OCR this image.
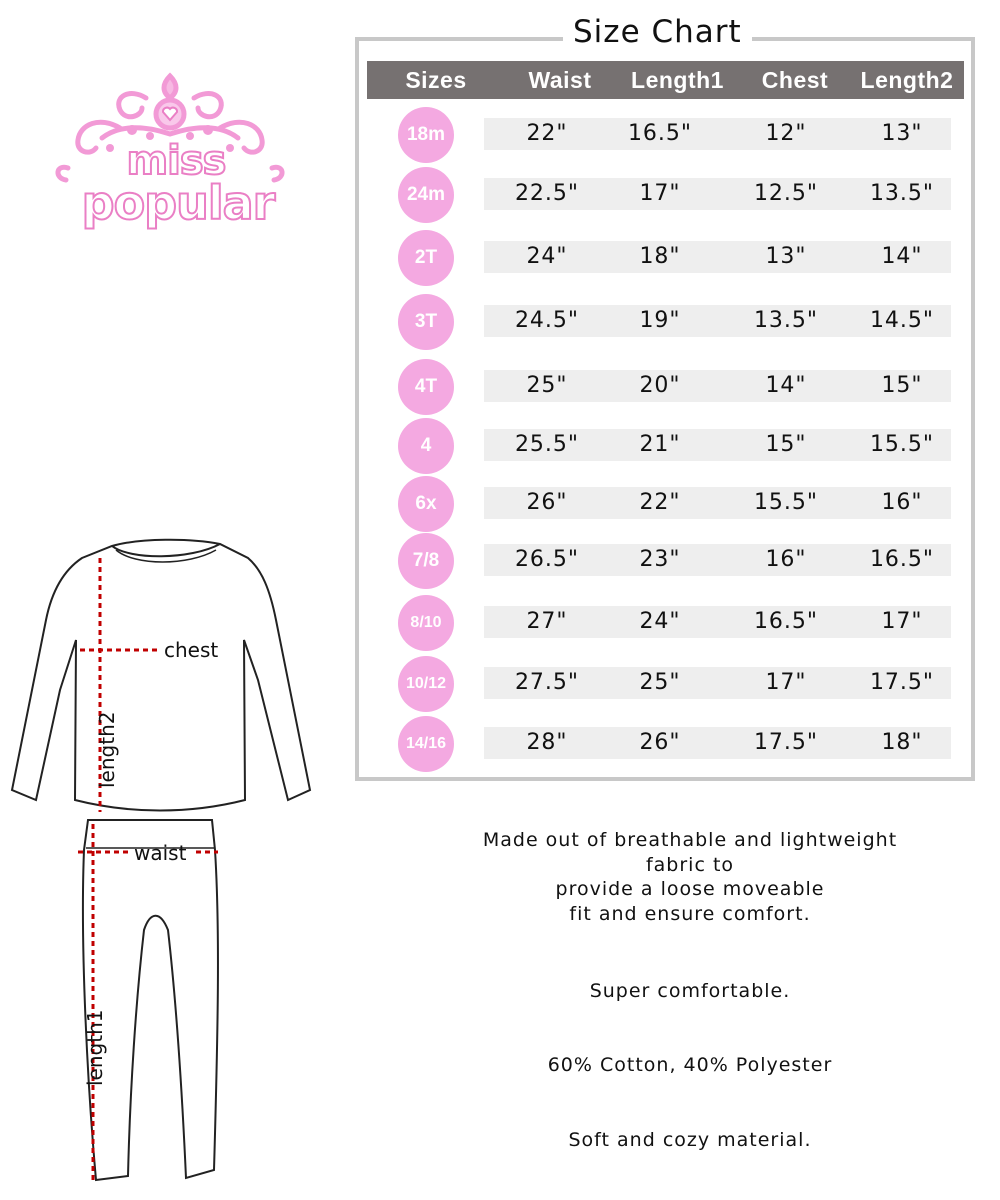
miss
popular
Size Chart
Sizes	Waist	Length1	Chest	Length2
18m	22"	16.5"	12"	13"
24m	22.5"	17"	12.5"	13.5"
2T	24"	18"	13"	14"
3T	24.5"	19"	13.5"	14.5"
4T	25"	20"	14"	15"
4	25.5"	21"	15"	15.5"
6x	26"	22"	15.5"	16"
7/8	26.5"	23"	16"	16.5"
8/10	27"	24"	16.5"	17"
10/12	27.5"	25"	17"	17.5"
14/16	28"	26"	17.5"	18"
chest
waist
length2
length1
Made out of breathable and lightweight
fabric to
provide a loose moveable
fit and ensure comfort.
Super comfortable.
60% Cotton, 40% Polyester
Soft and cozy material.
